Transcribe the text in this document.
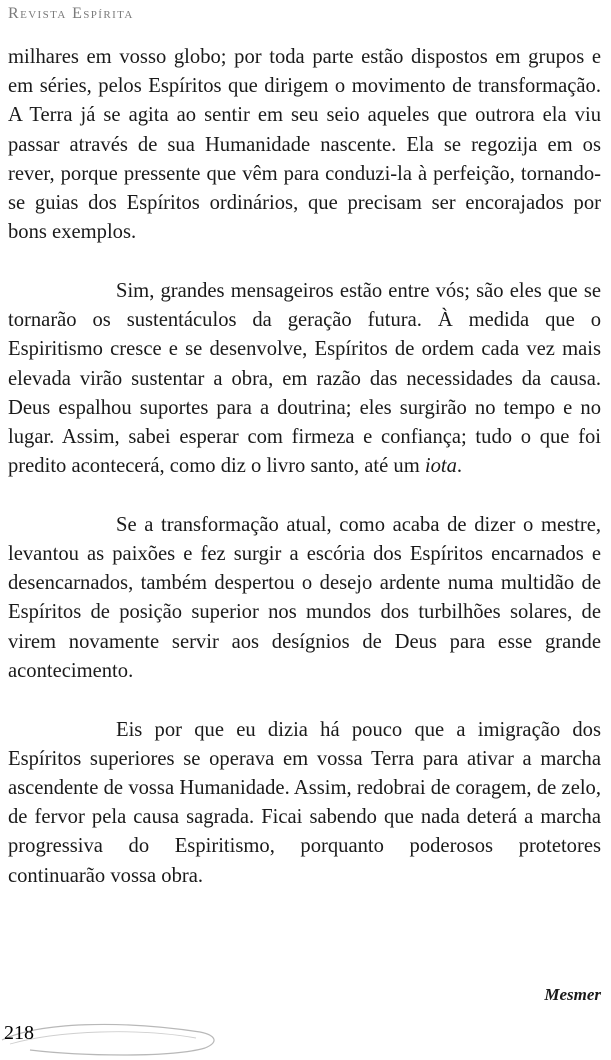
Revista Espírita

milhares em vosso globo; por toda parte estão dispostos em grupos e em séries, pelos Espíritos que dirigem o movimento de transformação. A Terra já se agita ao sentir em seu seio aqueles que outrora ela viu passar através de sua Humanidade nascente. Ela se regozija em os rever, porque pressente que vêm para conduzi-la à perfeição, tornando-se guias dos Espíritos ordinários, que precisam ser encorajados por bons exemplos.

Sim, grandes mensageiros estão entre vós; são eles que se tornarão os sustentáculos da geração futura. À medida que o Espiritismo cresce e se desenvolve, Espíritos de ordem cada vez mais elevada virão sustentar a obra, em razão das necessidades da causa. Deus espalhou suportes para a doutrina; eles surgirão no tempo e no lugar. Assim, sabei esperar com firmeza e confiança; tudo o que foi predito acontecerá, como diz o livro santo, até um iota.

Se a transformação atual, como acaba de dizer o mestre, levantou as paixões e fez surgir a escória dos Espíritos encarnados e desencarnados, também despertou o desejo ardente numa multidão de Espíritos de posição superior nos mundos dos turbilhões solares, de virem novamente servir aos desígnios de Deus para esse grande acontecimento.

Eis por que eu dizia há pouco que a imigração dos Espíritos superiores se operava em vossa Terra para ativar a marcha ascendente de vossa Humanidade. Assim, redobrai de coragem, de zelo, de fervor pela causa sagrada. Ficai sabendo que nada deterá a marcha progressiva do Espiritismo, porquanto poderosos protetores continuarão vossa obra.

Mesmer
218
